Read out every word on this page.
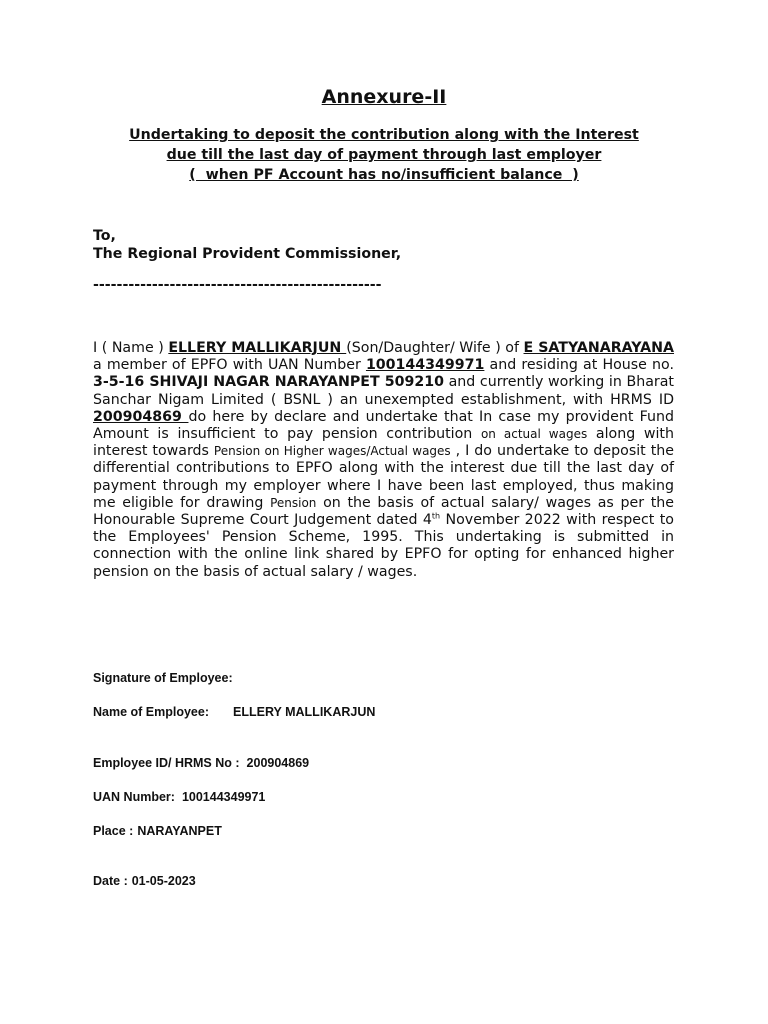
Annexure-II
Undertaking to deposit the contribution along with the Interest
due till the last day of payment through last employer
(  when PF Account has no/insufficient balance  )
To,
The Regional Provident Commissioner,
-------------------------------------------------
I ( Name ) ELLERY MALLIKARJUN (Son/Daughter/ Wife ) of E SATYANARAYANA a member of EPFO with UAN Number 100144349971 and residing at House no. 3-5-16 SHIVAJI NAGAR NARAYANPET 509210 and currently working in Bharat Sanchar Nigam Limited ( BSNL ) an unexempted establishment, with HRMS ID 200904869 do here by declare and undertake that In case my provident Fund Amount is insufficient to pay pension contribution on actual wages along with interest towards Pension on Higher wages/Actual wages , I do undertake to deposit the differential contributions to EPFO along with the interest due till the last day of payment through my employer where I have been last employed, thus making me eligible for drawing Pension on the basis of actual salary/ wages as per the Honourable Supreme Court Judgement dated 4th November 2022 with respect to the Employees' Pension Scheme, 1995. This undertaking is submitted in connection with the online link shared by EPFO for opting for enhanced higher pension on the basis of actual salary / wages.
Signature of Employee:
Name of Employee: ELLERY MALLIKARJUN
Employee ID/ HRMS No : 200904869
UAN Number: 100144349971
Place : NARAYANPET
Date : 01-05-2023
